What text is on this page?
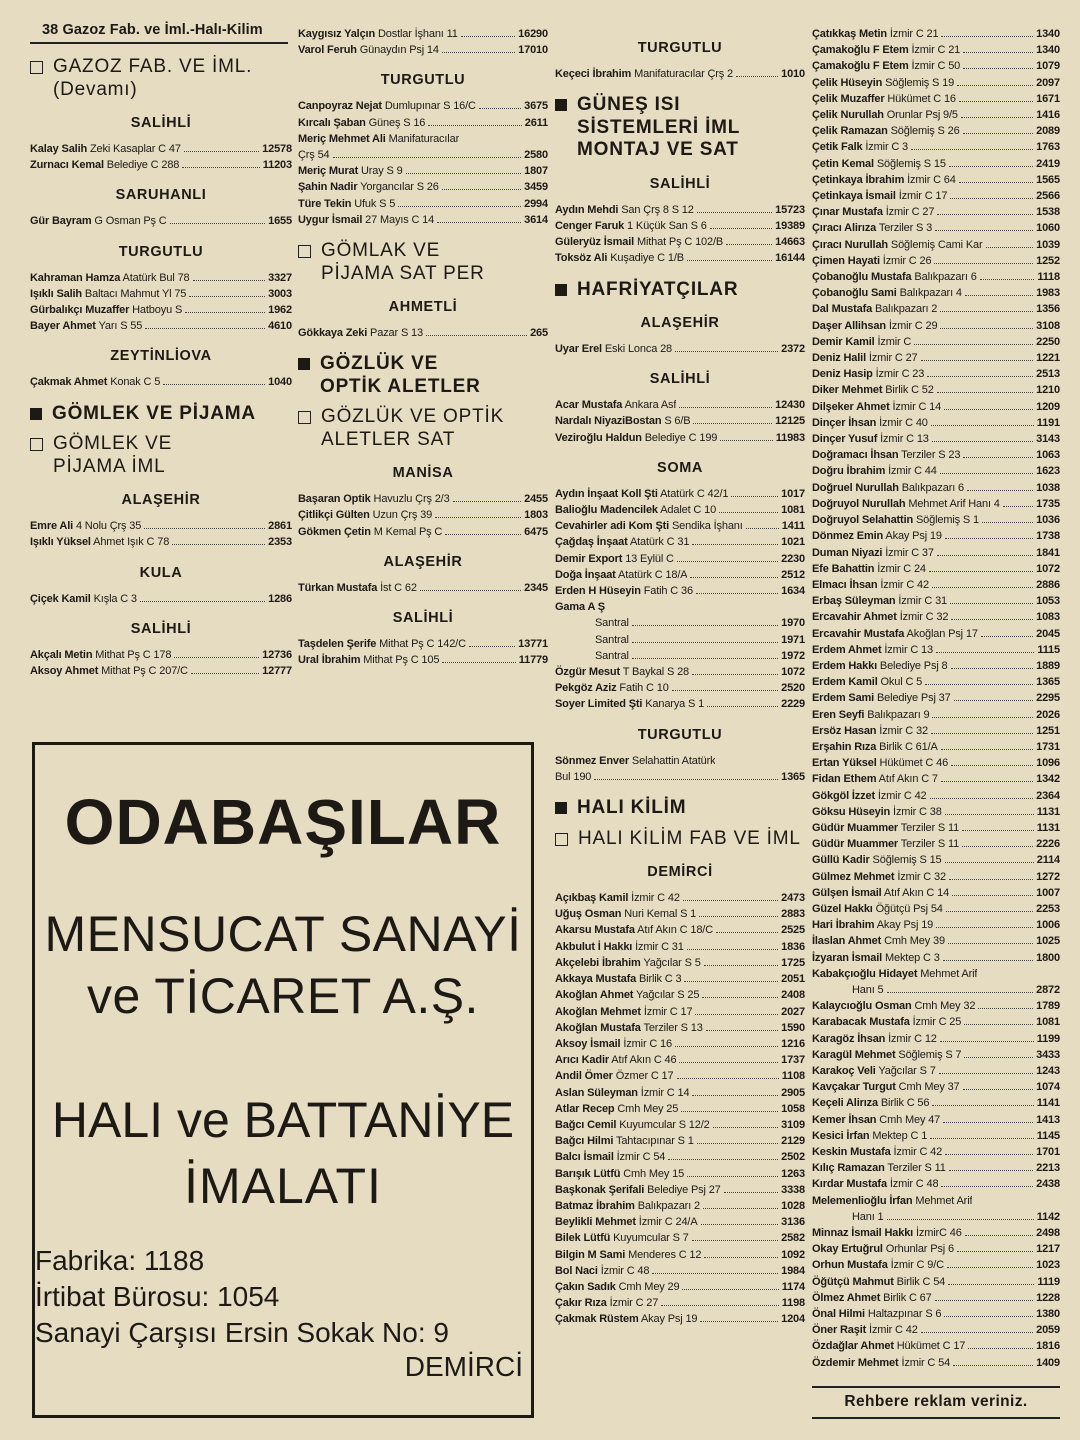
38 Gazoz Fab. ve İml.-Halı-Kilim
GAZOZ FAB. VE İML.
(Devamı)
SALİHLİ
Kalay Salih Zeki Kasaplar C 47	12578
Zurnacı Kemal Belediye C 288	11203
SARUHANLI
Gür Bayram G Osman Pş C	1655
TURGUTLU
Kahraman Hamza Atatürk Bul 78	3327
Işıklı Salih Baltacı Mahmut Yl 75	3003
Gürbalıkçı Muzaffer Hatboyu S	1962
Bayer Ahmet Yarı S 55	4610
ZEYTİNLİOVA
Çakmak Ahmet Konak C 5	1040
GÖMLEK VE PİJAMA
GÖMLEK VE
PİJAMA İML
ALAŞEHİR
Emre Ali 4 Nolu Çrş 35	2861
Işıklı Yüksel Ahmet Işık C 78	2353
KULA
Çiçek Kamil Kışla C 3	1286
SALİHLİ
Akçalı Metin Mithat Pş C 178	12736
Aksoy Ahmet Mithat Pş C 207/C	12777
Kaygısız Yalçın Dostlar İşhanı 11	16290
Varol Feruh Günaydın Psj 14	17010
TURGUTLU
Canpoyraz Nejat Dumlupınar S 16/C	3675
Kırcalı Şaban Güneş S 16	2611
Meriç Mehmet Ali Manifaturacılar
Çrş 54	2580
Meriç Murat Uray S 9	1807
Şahin Nadir Yorgancılar S 26	3459
Türe Tekin Ufuk S 5	2994
Uygur İsmail 27 Mayıs C 14	3614
GÖMLAK VE
PİJAMA SAT PER
AHMETLİ
Gökkaya Zeki Pazar S 13	265
GÖZLÜK VE
OPTİK ALETLER
GÖZLÜK VE OPTİK
ALETLER SAT
MANİSA
Başaran Optik Havuzlu Çrş 2/3	2455
Çitlikçi Gülten Uzun Çrş 39	1803
Gökmen Çetin M Kemal Pş C	6475
ALAŞEHİR
Türkan Mustafa İst C 62	2345
SALİHLİ
Taşdelen Şerife Mithat Pş C 142/C	13771
Ural İbrahim Mithat Pş C 105	11779
TURGUTLU
Keçeci İbrahim Manifaturacılar Çrş 2	1010
GÜNEŞ ISI
SİSTEMLERİ İML
MONTAJ VE SAT
SALİHLİ
Aydın Mehdi San Çrş 8 S 12	15723
Cenger Faruk 1 Küçük San S 6	19389
Güleryüz İsmail Mithat Pş C 102/B	14663
Toksöz Ali Kuşadiye C 1/B	16144
HAFRİYATÇILAR
ALAŞEHİR
Uyar Erel Eski Lonca 28	2372
SALİHLİ
Acar Mustafa Ankara Asf	12430
Nardalı NiyaziBostan S 6/B	12125
Veziroğlu Haldun Belediye C 199	11983
SOMA
Aydın İnşaat Koll Şti Atatürk C 42/1	1017
Balioğlu Madencilek Adalet C 10	1081
Cevahirler adi Kom Şti Sendika İşhanı	1411
Çağdaş İnşaat Atatürk C 31	1021
Demir Export 13 Eylül C	2230
Doğa İnşaat Atatürk C 18/A	2512
Erden H Hüseyin Fatih C 36	1634
Gama A Ş
Santral	1970
Santral	1971
Santral	1972
Özgür Mesut T Baykal S 28	1072
Pekgöz Aziz Fatih C 10	2520
Soyer Limited Şti Kanarya S 1	2229
TURGUTLU
Sönmez Enver Selahattin Atatürk
Bul 190	1365
HALI KİLİM
HALI KİLİM FAB VE İML
DEMİRCİ
Açıkbaş Kamil İzmir C 42	2473
Uğuş Osman Nuri Kemal S 1	2883
Akarsu Mustafa Atıf Akın C 18/C	2525
Akbulut İ Hakkı İzmir C 31	1836
Akçelebi İbrahim Yağcılar S 5	1725
Akkaya Mustafa Birlik C 3	2051
Akoğlan Ahmet Yağcılar S 25	2408
Akoğlan Mehmet İzmir C 17	2027
Akoğlan Mustafa Terziler S 13	1590
Aksoy İsmail İzmir C 16	1216
Arıcı Kadir Atıf Akın C 46	1737
Andil Ömer Özmer C 17	1108
Aslan Süleyman İzmir C 14	2905
Atlar Recep Cmh Mey 25	1058
Bağcı Cemil Kuyumcular S 12/2	3109
Bağcı Hilmi Tahtacıpınar S 1	2129
Balcı İsmail İzmir C 54	2502
Barışık Lütfü Cmh Mey 15	1263
Başkonak Şerifali Belediye Psj 27	3338
Batmaz İbrahim Balıkpazarı 2	1028
Beylikli Mehmet İzmir C 24/A	3136
Bilek Lütfü Kuyumcular S 7	2582
Bilgin M Sami Menderes C 12	1092
Bol Naci İzmir C 48	1984
Çakın Sadık Cmh Mey 29	1174
Çakır Rıza İzmir C 27	1198
Çakmak Rüstem Akay Psj 19	1204
Çatıkkaş Metin İzmir C 21	1340
Çamakoğlu F Etem İzmir C 21	1340
Çamakoğlu F Etem İzmir C 50	1079
Çelik Hüseyin Söğlemiş S 19	2097
Çelik Muzaffer Hükümet C 16	1671
Çelik Nurullah Orunlar Psj 9/5	1416
Çelik Ramazan Söğlemiş S 26	2089
Çetik Falk İzmir C 3	1763
Çetin Kemal Söğlemiş S 15	2419
Çetinkaya İbrahim İzmir C 64	1565
Çetinkaya İsmail İzmir C 17	2566
Çınar Mustafa İzmir C 27	1538
Çıracı Alirıza Terziler S 3	1060
Çıracı Nurullah Söğlemiş Cami Kar	1039
Çimen Hayati İzmir C 26	1252
Çobanoğlu Mustafa Balıkpazarı 6	1118
Çobanoğlu Sami Balıkpazarı 4	1983
Dal Mustafa Balıkpazarı 2	1356
Daşer Allihsan İzmir C 29	3108
Demir Kamil İzmir C	2250
Deniz Halil İzmir C 27	1221
Deniz Hasip İzmir C 23	2513
Diker Mehmet Birlik C 52	1210
Dilşeker Ahmet İzmir C 14	1209
Dinçer İhsan İzmir C 40	1191
Dinçer Yusuf İzmir C 13	3143
Doğramacı İhsan Terziler S 23	1063
Doğru İbrahim İzmir C 44	1623
Doğruel Nurullah Balıkpazarı 6	1038
Doğruyol Nurullah Mehmet Arif Hanı 4	1735
Doğruyol Selahattin Söğlemiş S 1	1036
Dönmez Emin Akay Psj 19	1738
Duman Niyazi İzmir C 37	1841
Efe Bahattin İzmir C 24	1072
Elmacı İhsan İzmir C 42	2886
Erbaş Süleyman İzmir C 31	1053
Ercavahir Ahmet İzmir C 32	1083
Ercavahir Mustafa Akoğlan Psj 17	2045
Erdem Ahmet İzmir C 13	1115
Erdem Hakkı Belediye Psj 8	1889
Erdem Kamil Okul C 5	1365
Erdem Sami Belediye Psj 37	2295
Eren Seyfi Balıkpazarı 9	2026
Ersöz Hasan İzmir C 32	1251
Erşahin Rıza Birlik C 61/A	1731
Ertan Yüksel Hükümet C 46	1096
Fidan Ethem Atıf Akın C 7	1342
Gökgöl İzzet İzmir C 42	2364
Göksu Hüseyin İzmir C 38	1131
Güdür Muammer Terziler S 11	1131
Güdür Muammer Terziler S 11	2226
Güllü Kadir Söğlemiş S 15	2114
Gülmez Mehmet İzmir C 32	1272
Gülşen İsmail Atıf Akın C 14	1007
Güzel Hakkı Öğütçü Psj 54	2253
Hari İbrahim Akay Psj 19	1006
İlaslan Ahmet Cmh Mey 39	1025
İzyaran İsmail Mektep C 3	1800
Kabakçıoğlu Hidayet Mehmet Arif
Hanı 5	2872
Kalaycıoğlu Osman Cmh Mey 32	1789
Karabacak Mustafa İzmir C 25	1081
Karagöz İhsan İzmir C 12	1199
Karagül Mehmet Söğlemiş S 7	3433
Karakoç Veli Yağcılar S 7	1243
Kavçakar Turgut Cmh Mey 37	1074
Keçeli Alirıza Birlik C 56	1141
Kemer İhsan Cmh Mey 47	1413
Kesici İrfan Mektep C 1	1145
Keskin Mustafa İzmir C 42	1701
Kılıç Ramazan Terziler S 11	2213
Kırdar Mustafa İzmir C 48	2438
Melemenlioğlu İrfan Mehmet Arif
Hanı 1	1142
Minnaz İsmail Hakkı İzmirC 46	2498
Okay Ertuğrul Orhunlar Psj 6	1217
Orhun Mustafa İzmir C 9/C	1023
Öğütçü Mahmut Birlik C 54	1119
Ölmez Ahmet Birlik C 67	1228
Önal Hilmi Haltazpınar S 6	1380
Öner Raşit İzmir C 42	2059
Özdağlar Ahmet Hükümet C 17	1816
Özdemir Mehmet İzmir C 54	1409
ODABAŞILAR
MENSUCAT SANAYİ
ve TİCARET A.Ş.
HALI ve BATTANİYE
İMALATI
Fabrika: 1188
İrtibat Bürosu: 1054
Sanayi Çarşısı Ersin Sokak No: 9
DEMİRCİ
Rehbere reklam veriniz.
